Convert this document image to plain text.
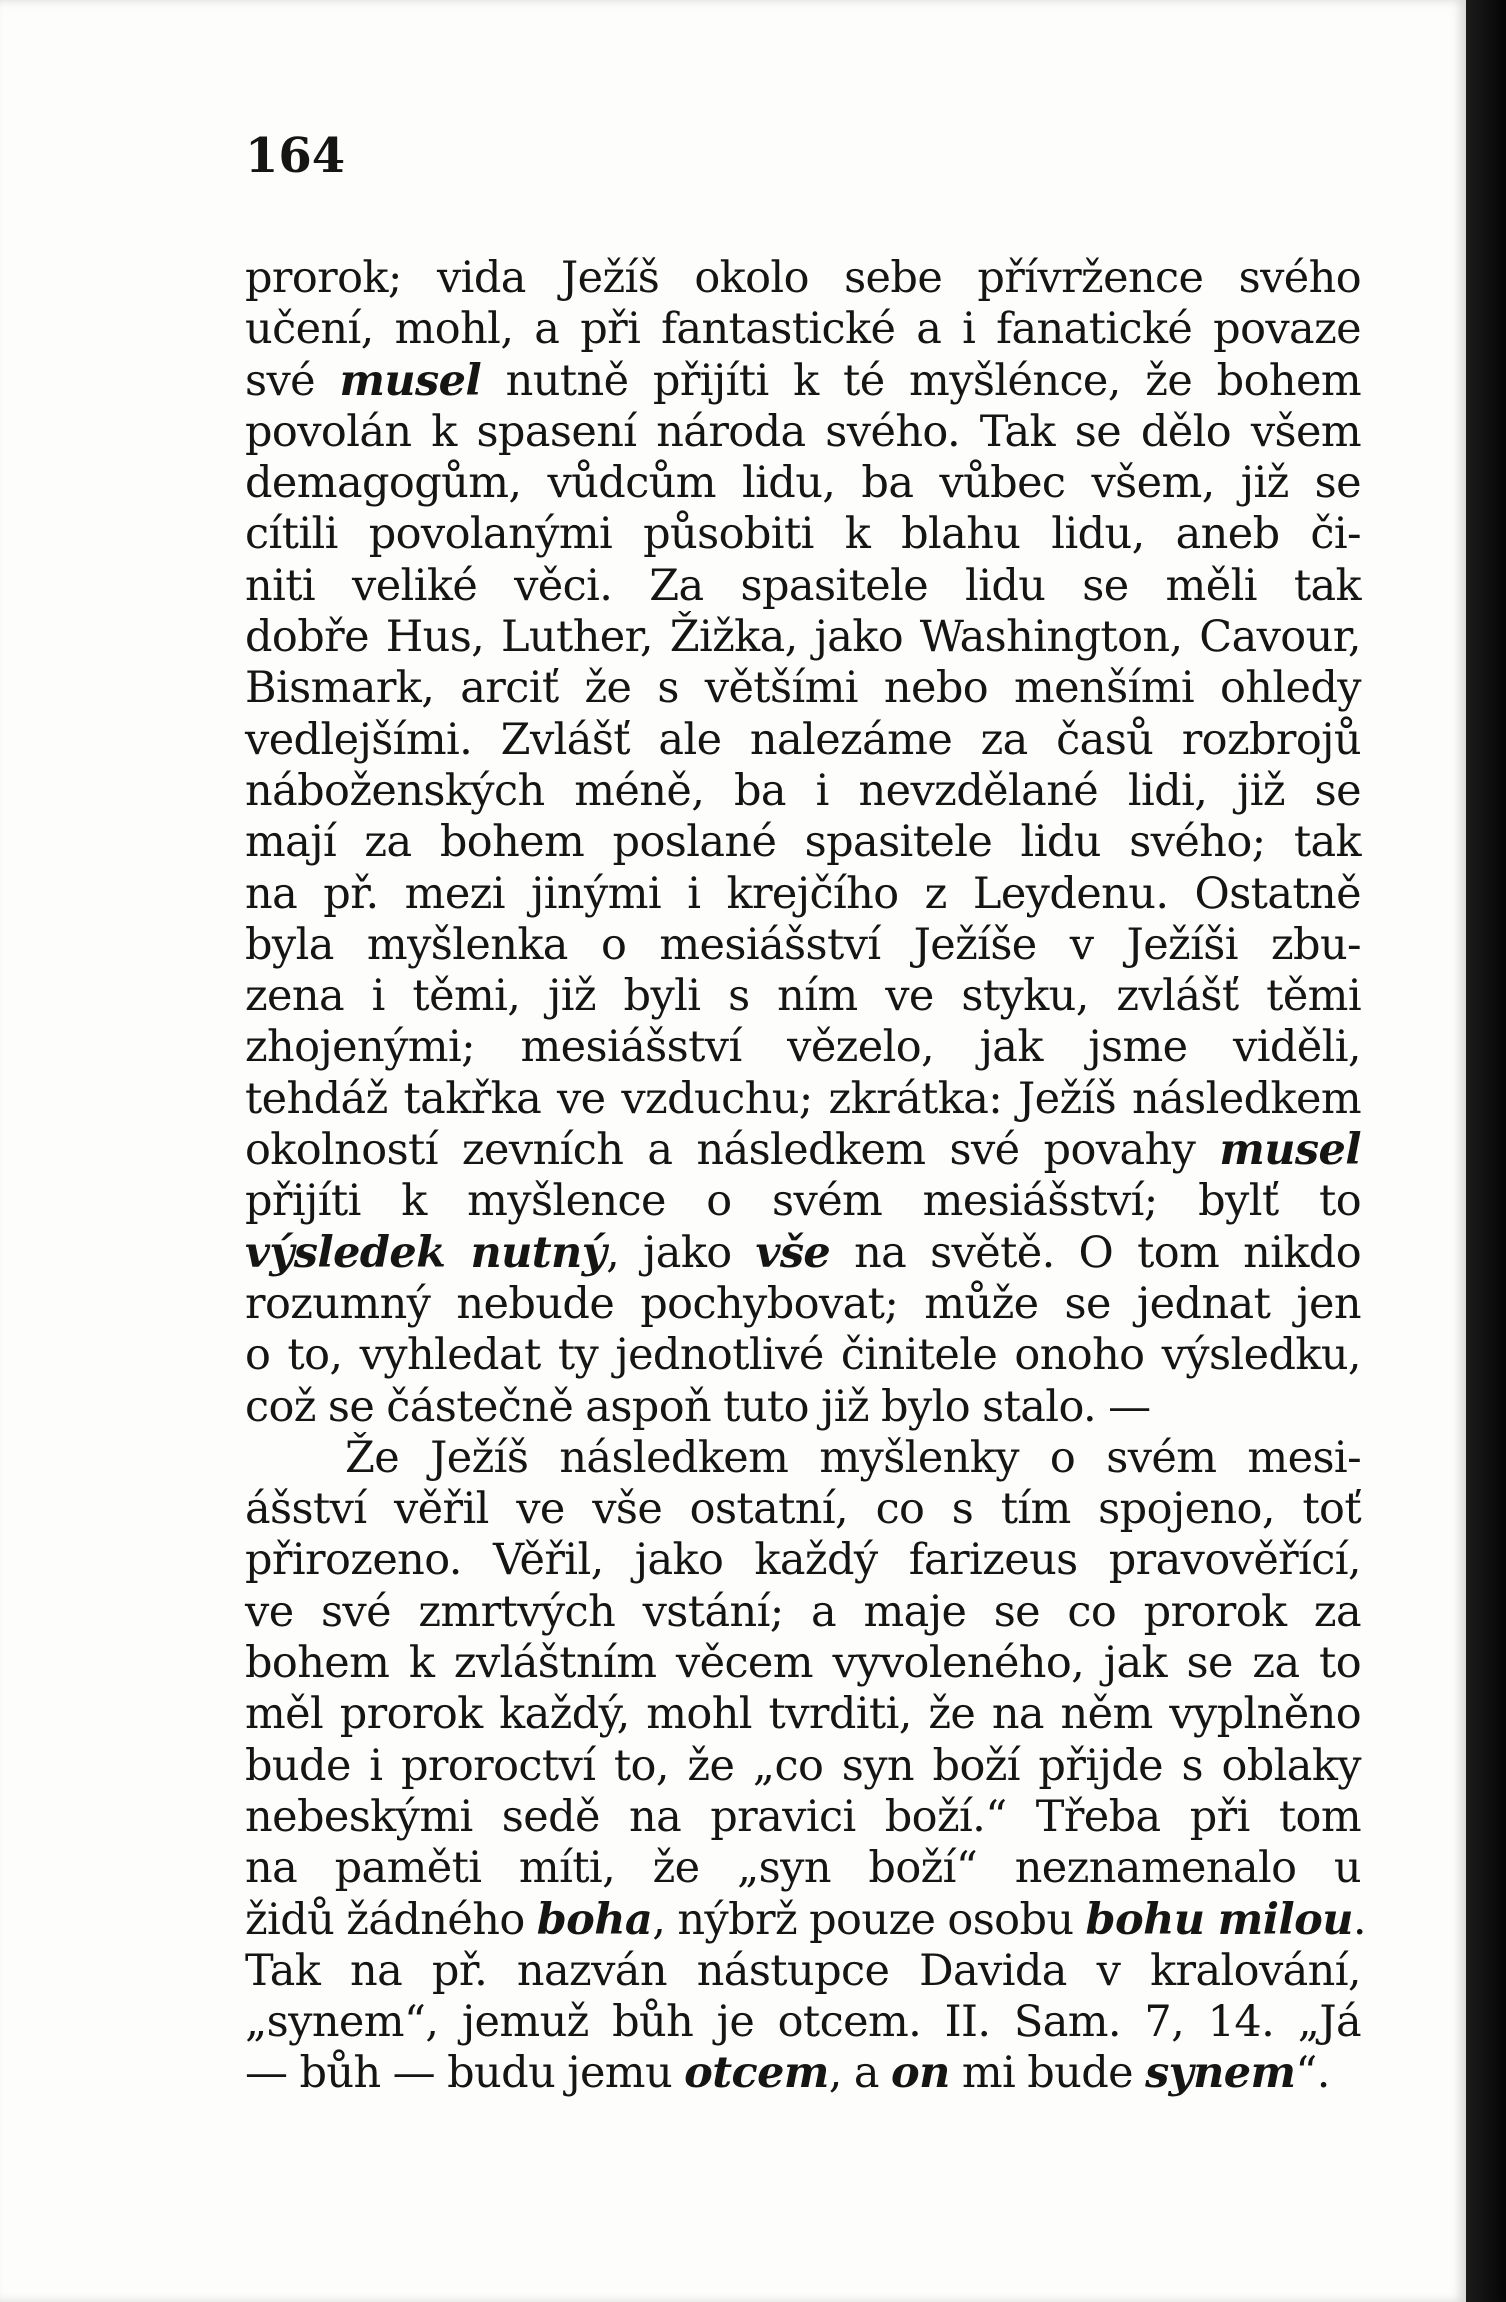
164
prorok; vida Ježíš okolo sebe přívržence svého
učení, mohl, a při fantastické a i fanatické povaze
své musel nutně přijíti k té myšlénce, že bohem
povolán k spasení národa svého. Tak se dělo všem
demagogům, vůdcům lidu, ba vůbec všem, již se
cítili povolanými působiti k blahu lidu, aneb či-
niti veliké věci. Za spasitele lidu se měli tak
dobře Hus, Luther, Žižka, jako Washington, Cavour,
Bismark, arciť že s většími nebo menšími ohledy
vedlejšími. Zvlášť ale nalezáme za časů rozbrojů
náboženských méně, ba i nevzdělané lidi, již se
mají za bohem poslané spasitele lidu svého; tak
na př. mezi jinými i krejčího z Leydenu. Ostatně
byla myšlenka o mesiášství Ježíše v Ježíši zbu-
zena i těmi, již byli s ním ve styku, zvlášť těmi
zhojenými; mesiášství vězelo, jak jsme viděli,
tehdáž takřka ve vzduchu; zkrátka: Ježíš následkem
okolností zevních a následkem své povahy musel
přijíti k myšlence o svém mesiášství; bylť to
výsledek nutný, jako vše na světě. O tom nikdo
rozumný nebude pochybovat; může se jednat jen
o to, vyhledat ty jednotlivé činitele onoho výsledku,
což se částečně aspoň tuto již bylo stalo. —
Že Ježíš následkem myšlenky o svém mesi-
ášství věřil ve vše ostatní, co s tím spojeno, toť
přirozeno. Věřil, jako každý farizeus pravověřící,
ve své zmrtvých vstání; a maje se co prorok za
bohem k zvláštním věcem vyvoleného, jak se za to
měl prorok každý, mohl tvrditi, že na něm vyplněno
bude i proroctví to, že „co syn boží přijde s oblaky
nebeskými sedě na pravici boží.“ Třeba při tom
na paměti míti, že „syn boží“ neznamenalo u
židů žádného boha, nýbrž pouze osobu bohu milou.
Tak na př. nazván nástupce Davida v kralování,
„synem“, jemuž bůh je otcem. II. Sam. 7, 14. „Já
— bůh — budu jemu otcem, a on mi bude synem“.
